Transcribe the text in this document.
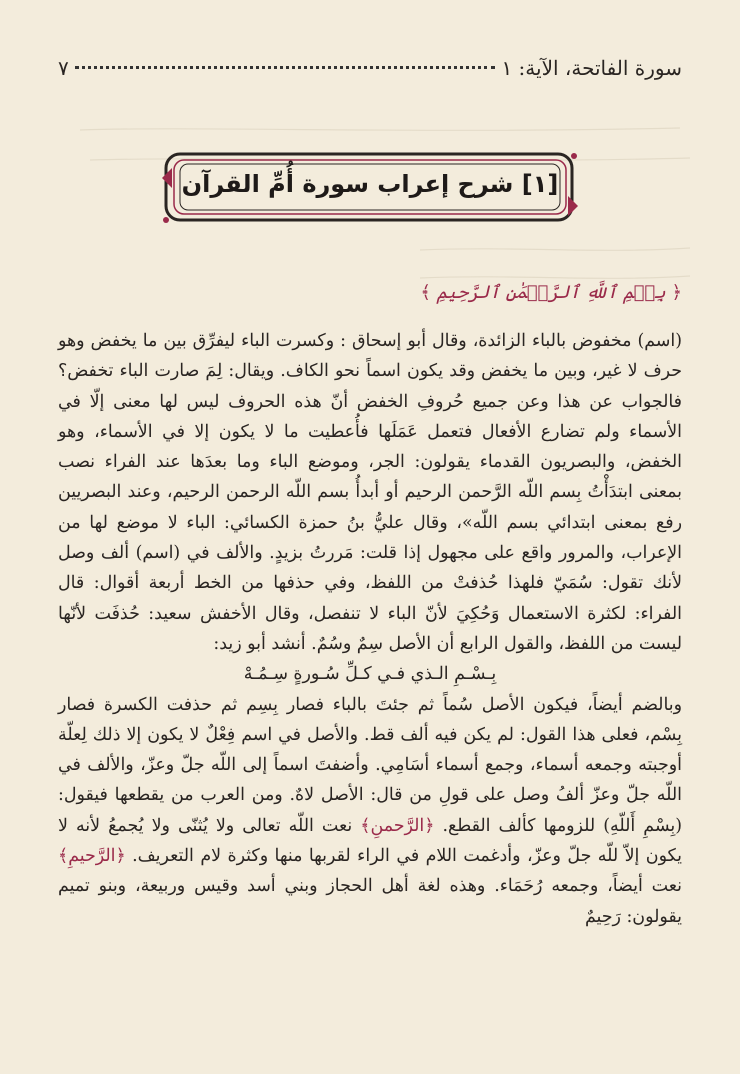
سورة الفاتحة، الآية: ١
٧
[١] شرح إعراب سورة أُمِّ القرآن
﴿ بِسۡمِ ٱللَّهِ ٱلرَّحۡمَٰنِ ٱلرَّحِيمِ ﴾

(اسم) مخفوض بالباء الزائدة، وقال أبو إسحاق : وكسرت الباء ليفرِّق بين ما يخفض وهو حرف لا غير، وبين ما يخفض وقد يكون اسماً نحو الكاف. ويقال: لِمَ صارت الباء تخفض؟ فالجواب عن هذا وعن جميع حُروفِ الخفض أنّ هذه الحروف ليس لها معنى إلّا في الأسماء ولم تضارع الأفعال فتعمل عَمَلَها فأُعطيت ما لا يكون إلا في الأسماء، وهو الخفض، والبصريون القدماء يقولون: الجر، وموضع الباء وما بعدَها عند الفراء نصب بمعنى ابتدَأْتُ بِسم اللّه الرَّحمن الرحيم أو أبدأُ بسم اللّه الرحمن الرحيم، وعند البصريين رفع بمعنى ابتدائي بسم اللّه»، وقال عليُّ بنُ حمزة الكسائي: الباء لا موضع لها من الإعراب، والمرور واقع على مجهول إذا قلت: مَررتُ بزيدٍ. والألف في (اسم) ألف وصل لأنك تقول: سُمَيّ فلهذا حُذفتْ من اللفظ، وفي حذفها من الخط أربعة أقوال: قال الفراء: لكثرة الاستعمال وَحُكِيَ لأنّ الباء لا تنفصل، وقال الأخفش سعيد: حُذفَت لأنّها ليست من اللفظ، والقول الرابع أن الأصل سِمٌ وسُمٌ. أنشد أبو زيد:

بِـسْـمِ الـذي فـي كـلِّ سُـورةٍ سِـمُـهْ

وبالضم أيضاً، فيكون الأصل سُماً ثم جئتَ بالباء فصار بِسِم ثم حذفت الكسرة فصار بِسْم، فعلى هذا القول: لم يكن فيه ألف قط. والأصل في اسم فِعْلٌ لا يكون إلا ذلك لِعلّة أوجبته وجمعه أسماء، وجمع أسماء أسَامِي. وأضفتَ اسماً إلى اللّه جلّ وعزّ، والألف في اللّه جلّ وعزّ ألفُ وصل على قولِ من قال: الأصل لاهٌ. ومن العرب من يقطعها فيقول: (بِسْمِ أَللّهِ) للزومها كألف القطع. ﴿الرَّحمنِ﴾ نعت اللّه تعالى ولا يُثنّى ولا يُجمعُ لأنه لا يكون إلاّ للّه جلّ وعزّ، وأدغمت اللام في الراء لقربها منها وكثرة لام التعريف. ﴿الرَّحيمِ﴾ نعت أيضاً، وجمعه رُحَمَاء. وهذه لغة أهل الحجاز وبني أسد وقيس وربيعة، وبنو تميم يقولون: رَحِيمٌ
